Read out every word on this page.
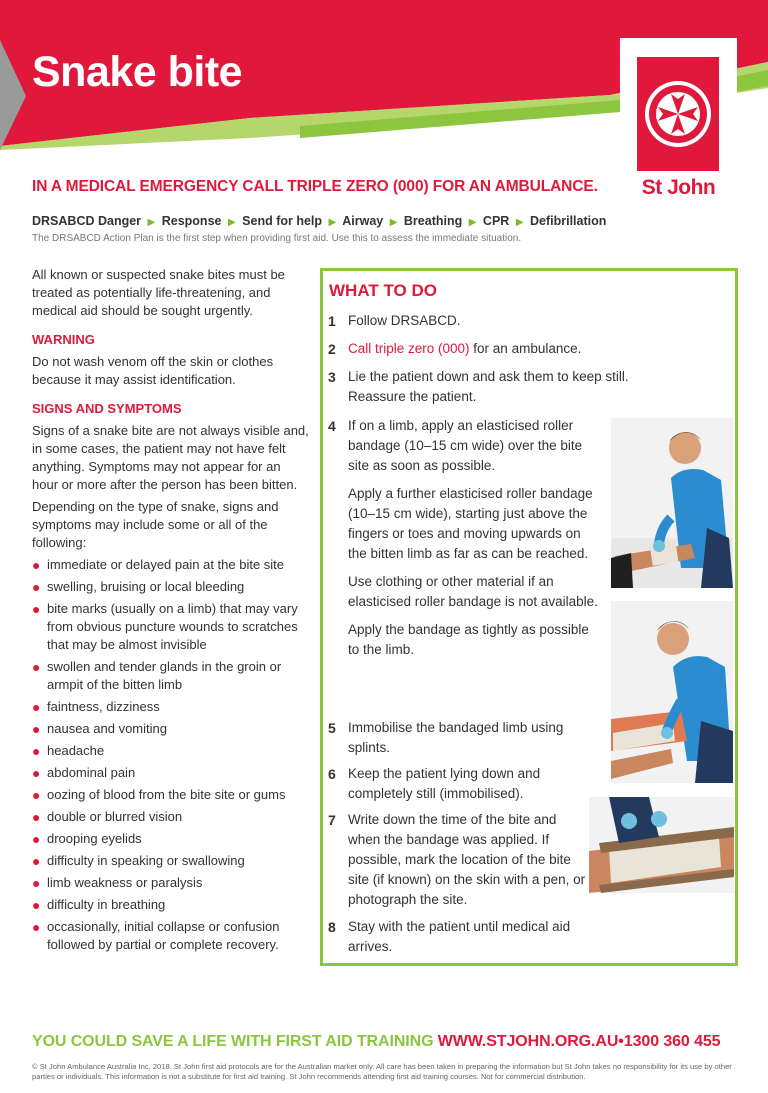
Snake bite
St John
IN A MEDICAL EMERGENCY CALL TRIPLE ZERO (000) FOR AN AMBULANCE.
DRSABCD Danger ▶ Response ▶ Send for help ▶ Airway ▶ Breathing ▶ CPR ▶ Defibrillation
The DRSABCD Action Plan is the first step when providing first aid. Use this to assess the immediate situation.

All known or suspected snake bites must be treated as potentially life-threatening, and medical aid should be sought urgently.

WARNING

Do not wash venom off the skin or clothes because it may assist identification.

SIGNS AND SYMPTOMS

Signs of a snake bite are not always visible and, in some cases, the patient may not have felt anything. Symptoms may not appear for an hour or more after the person has been bitten.

Depending on the type of snake, signs and symptoms may include some or all of the following:

● immediate or delayed pain at the bite site
● swelling, bruising or local bleeding
● bite marks (usually on a limb) that may vary from obvious puncture wounds to scratches that may be almost invisible
● swollen and tender glands in the groin or armpit of the bitten limb
● faintness, dizziness
● nausea and vomiting
● headache
● abdominal pain
● oozing of blood from the bite site or gums
● double or blurred vision
● drooping eyelids
● difficulty in speaking or swallowing
● limb weakness or paralysis
● difficulty in breathing
● occasionally, initial collapse or confusion followed by partial or complete recovery.
WHAT TO DO
1 Follow DRSABCD.
2 Call triple zero (000) for an ambulance.
3 Lie the patient down and ask them to keep still. Reassure the patient.
4 If on a limb, apply an elasticised roller bandage (10–15 cm wide) over the bite site as soon as possible.

Apply a further elasticised roller bandage (10–15 cm wide), starting just above the fingers or toes and moving upwards on the bitten limb as far as can be reached.

Use clothing or other material if an elasticised roller bandage is not available.

Apply the bandage as tightly as possible to the limb.

5 Immobilise the bandaged limb using splints.
6 Keep the patient lying down and completely still (immobilised).
7 Write down the time of the bite and when the bandage was applied. If possible, mark the location of the bite site (if known) on the skin with a pen, or photograph the site.
8 Stay with the patient until medical aid arrives.
YOU COULD SAVE A LIFE WITH FIRST AID TRAINING WWW.STJOHN.ORG.AU•1300 360 455
© St John Ambulance Australia Inc. 2018. St John first aid protocols are for the Australian market only. All care has been taken in preparing the information but St John takes no responsibility for its use by other parties or individuals. This information is not a substitute for first aid training. St John recommends attending first aid training courses. Not for commercial distribution.
